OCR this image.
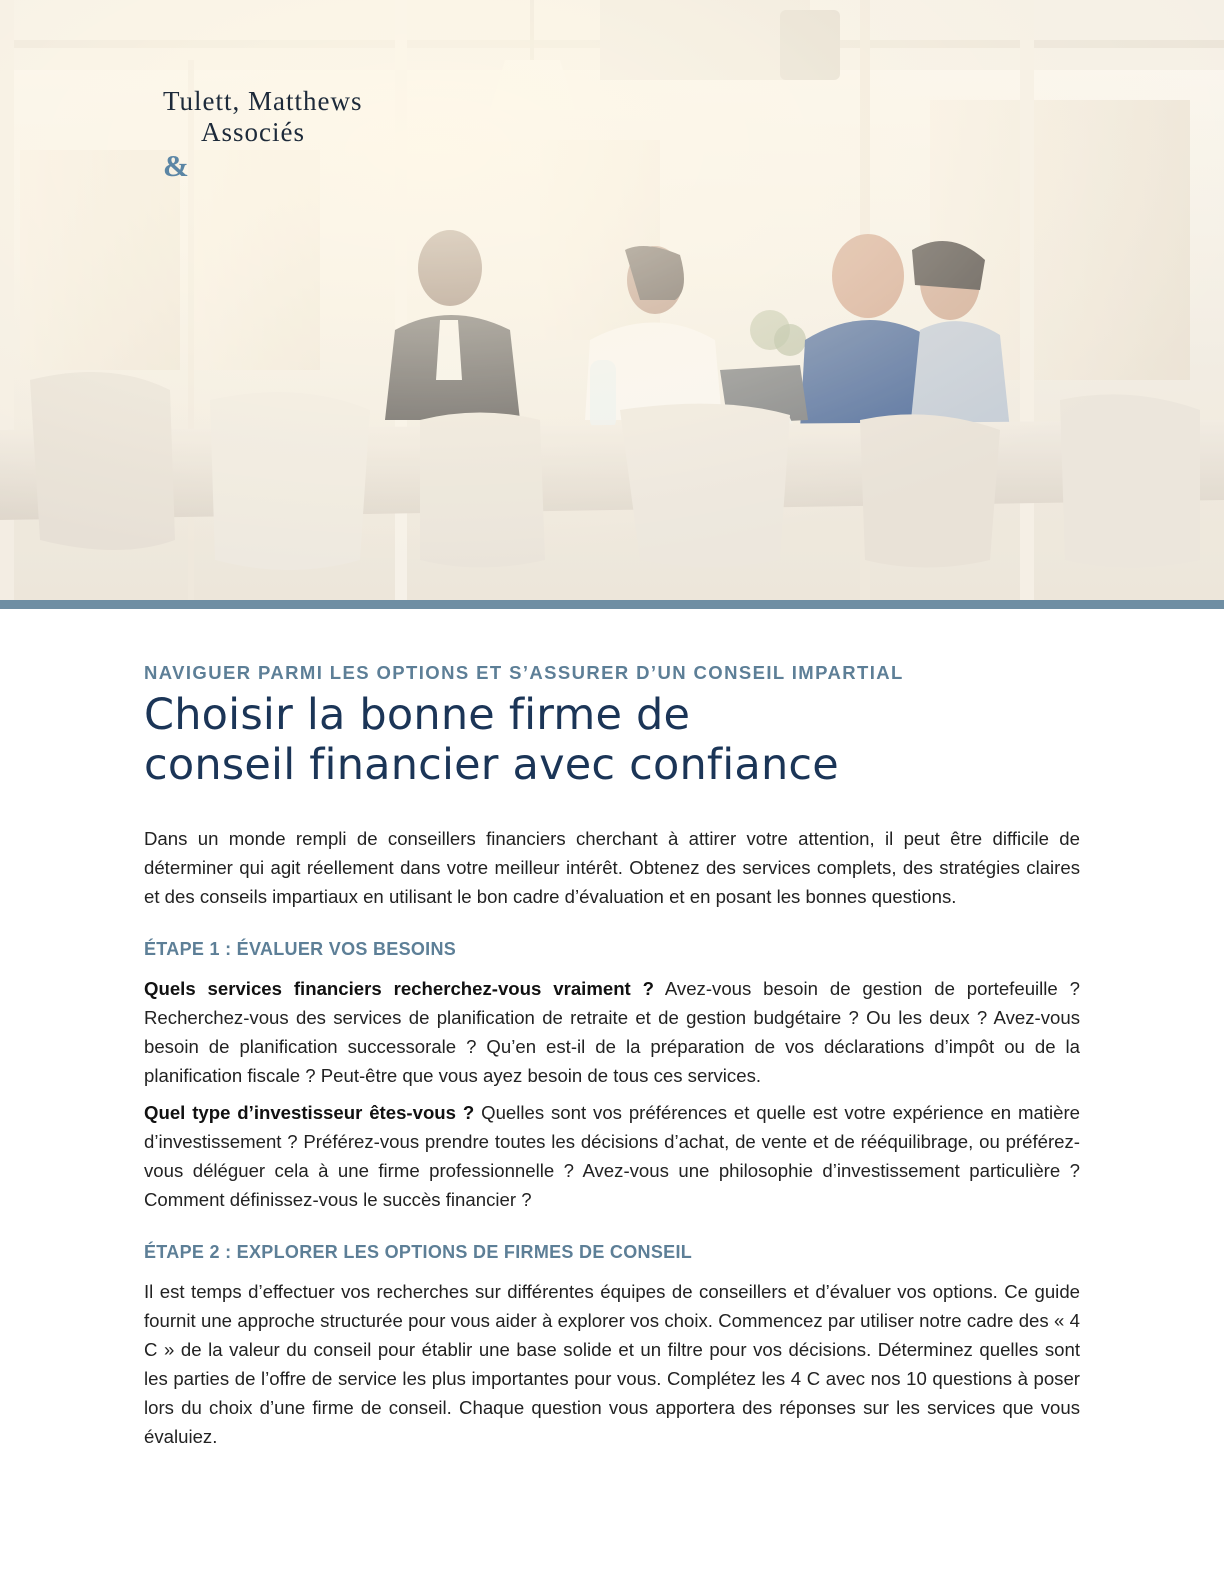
Tulett, Matthews
&
Associés

NAVIGUER PARMI LES OPTIONS ET S’ASSURER D’UN CONSEIL IMPARTIAL

Choisir la bonne firme de
conseil financier avec confiance

Dans un monde rempli de conseillers financiers cherchant à attirer votre attention, il peut être difficile de déterminer qui agit réellement dans votre meilleur intérêt. Obtenez des services complets, des stratégies claires et des conseils impartiaux en utilisant le bon cadre d’évaluation et en posant les bonnes questions.

ÉTAPE 1 : ÉVALUER VOS BESOINS

Quels services financiers recherchez-vous vraiment ? Avez-vous besoin de gestion de portefeuille ? Recherchez-vous des services de planification de retraite et de gestion budgétaire ? Ou les deux ? Avez-vous besoin de planification successorale ? Qu’en est-il de la préparation de vos déclarations d’impôt ou de la planification fiscale ? Peut-être que vous ayez besoin de tous ces services.

Quel type d’investisseur êtes-vous ? Quelles sont vos préférences et quelle est votre expérience en matière d’investissement ? Préférez-vous prendre toutes les décisions d’achat, de vente et de rééquilibrage, ou préférez-vous déléguer cela à une firme professionnelle ? Avez-vous une philosophie d’investissement particulière ? Comment définissez-vous le succès financier ?

ÉTAPE 2 : EXPLORER LES OPTIONS DE FIRMES DE CONSEIL

Il est temps d’effectuer vos recherches sur différentes équipes de conseillers et d’évaluer vos options. Ce guide fournit une approche structurée pour vous aider à explorer vos choix. Commencez par utiliser notre cadre des « 4 C » de la valeur du conseil pour établir une base solide et un filtre pour vos décisions. Déterminez quelles sont les parties de l’offre de service les plus importantes pour vous. Complétez les 4 C avec nos 10 questions à poser lors du choix d’une firme de conseil. Chaque question vous apportera des réponses sur les services que vous évaluiez.
